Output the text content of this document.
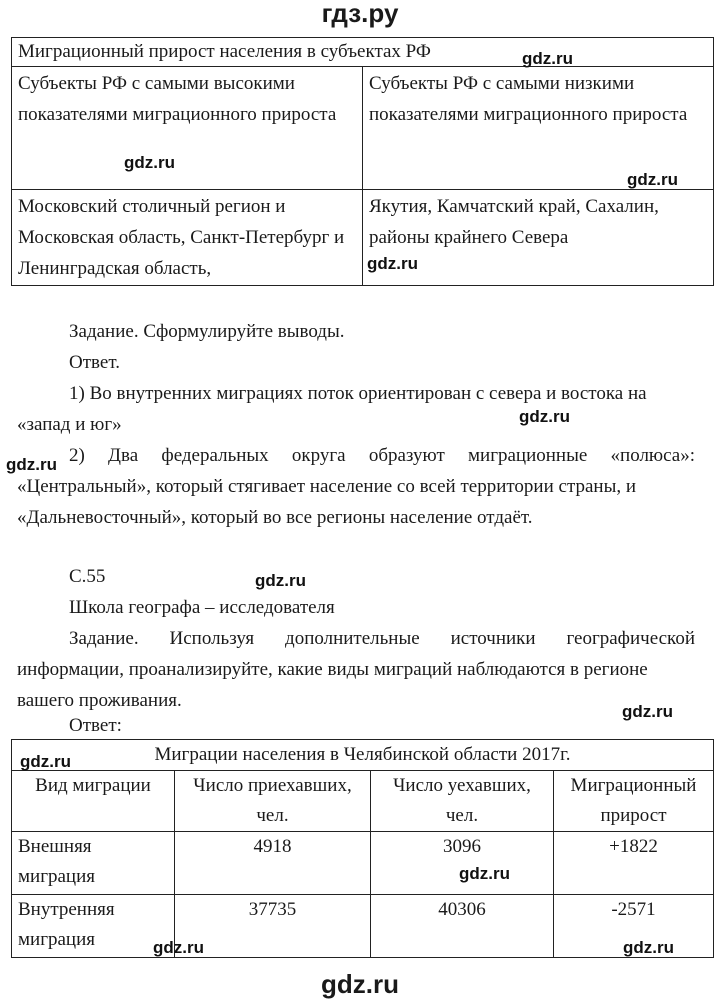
гдз.ру
Миграционный прирост населения в субъектах РФ	
Субъекты РФ с самыми высокими показателями миграционного прироста	Субъекты РФ с самыми низкими показателями миграционного прироста
Московский столичный регион и Московская область, Санкт-Петербург и Ленинградская область,	Якутия, Камчатский край, Сахалин, районы крайнего Севера
Задание. Сформулируйте выводы.
Ответ.
1) Во внутренних миграциях поток ориентирован с севера и востока на
«запад и юг»
2) Два федеральных округа образуют миграционные «полюса»:
«Центральный», который стягивает население со всей территории страны, и
«Дальневосточный», который во все регионы население отдаёт.
С.55
Школа географа – исследователя
Задание. Используя дополнительные источники географической
информации, проанализируйте, какие виды миграций наблюдаются в регионе
вашего проживания.
Ответ:
Миграции населения в Челябинской области 2017г.			
Вид миграции	Число приехавших, чел.	Число уехавших, чел.	Миграционный прирост
Внешняя миграция	4918	3096	+1822
Внутренняя миграция	37735	40306	-2571
gdz.ru
gdz.ru
gdz.ru
gdz.ru
gdz.ru
gdz.ru
gdz.ru
gdz.ru
gdz.ru
gdz.ru
gdz.ru	gdz.ru
gdz.ru
